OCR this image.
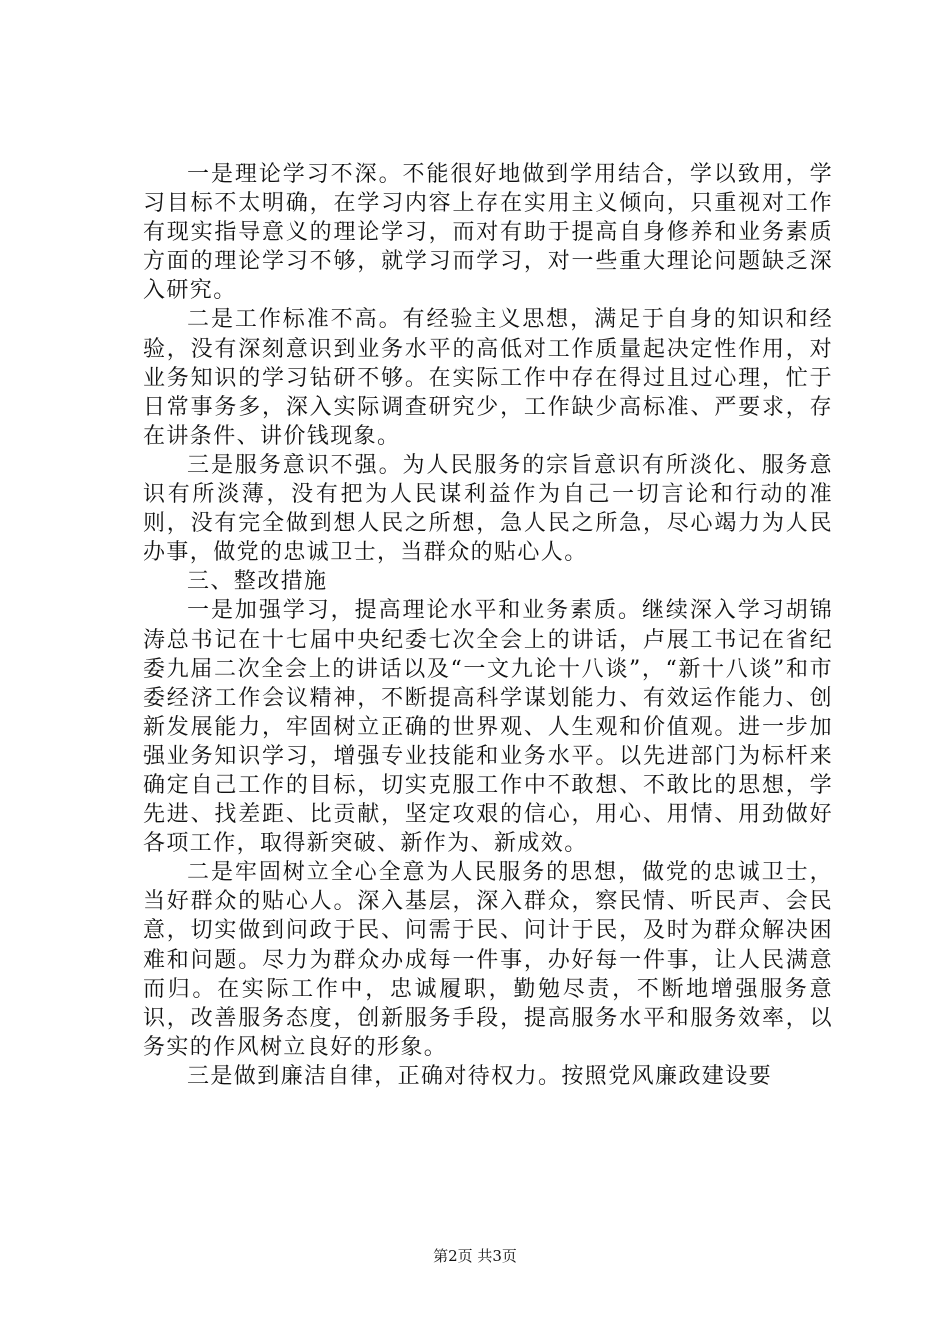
一是理论学习不深。不能很好地做到学用结合，学以致用，学习目标不太明确，在学习内容上存在实用主义倾向，只重视对工作有现实指导意义的理论学习，而对有助于提高自身修养和业务素质方面的理论学习不够，就学习而学习，对一些重大理论问题缺乏深入研究。

二是工作标准不高。有经验主义思想，满足于自身的知识和经验，没有深刻意识到业务水平的高低对工作质量起决定性作用，对业务知识的学习钻研不够。在实际工作中存在得过且过心理，忙于日常事务多，深入实际调查研究少，工作缺少高标准、严要求，存在讲条件、讲价钱现象。

三是服务意识不强。为人民服务的宗旨意识有所淡化、服务意识有所淡薄，没有把为人民谋利益作为自己一切言论和行动的准则，没有完全做到想人民之所想，急人民之所急，尽心竭力为人民办事，做党的忠诚卫士，当群众的贴心人。

三、整改措施

一是加强学习，提高理论水平和业务素质。继续深入学习胡锦涛总书记在十七届中央纪委七次全会上的讲话，卢展工书记在省纪委九届二次全会上的讲话以及“一文九论十八谈”，“新十八谈”和市委经济工作会议精神，不断提高科学谋划能力、有效运作能力、创新发展能力，牢固树立正确的世界观、人生观和价值观。进一步加强业务知识学习，增强专业技能和业务水平。以先进部门为标杆来确定自己工作的目标，切实克服工作中不敢想、不敢比的思想，学先进、找差距、比贡献，坚定攻艰的信心，用心、用情、用劲做好各项工作，取得新突破、新作为、新成效。

二是牢固树立全心全意为人民服务的思想，做党的忠诚卫士，当好群众的贴心人。深入基层，深入群众，察民情、听民声、会民意，切实做到问政于民、问需于民、问计于民，及时为群众解决困难和问题。尽力为群众办成每一件事，办好每一件事，让人民满意而归。在实际工作中，忠诚履职，勤勉尽责，不断地增强服务意识，改善服务态度，创新服务手段，提高服务水平和服务效率，以务实的作风树立良好的形象。

三是做到廉洁自律，正确对待权力。按照党风廉政建设要

第2页 共3页
